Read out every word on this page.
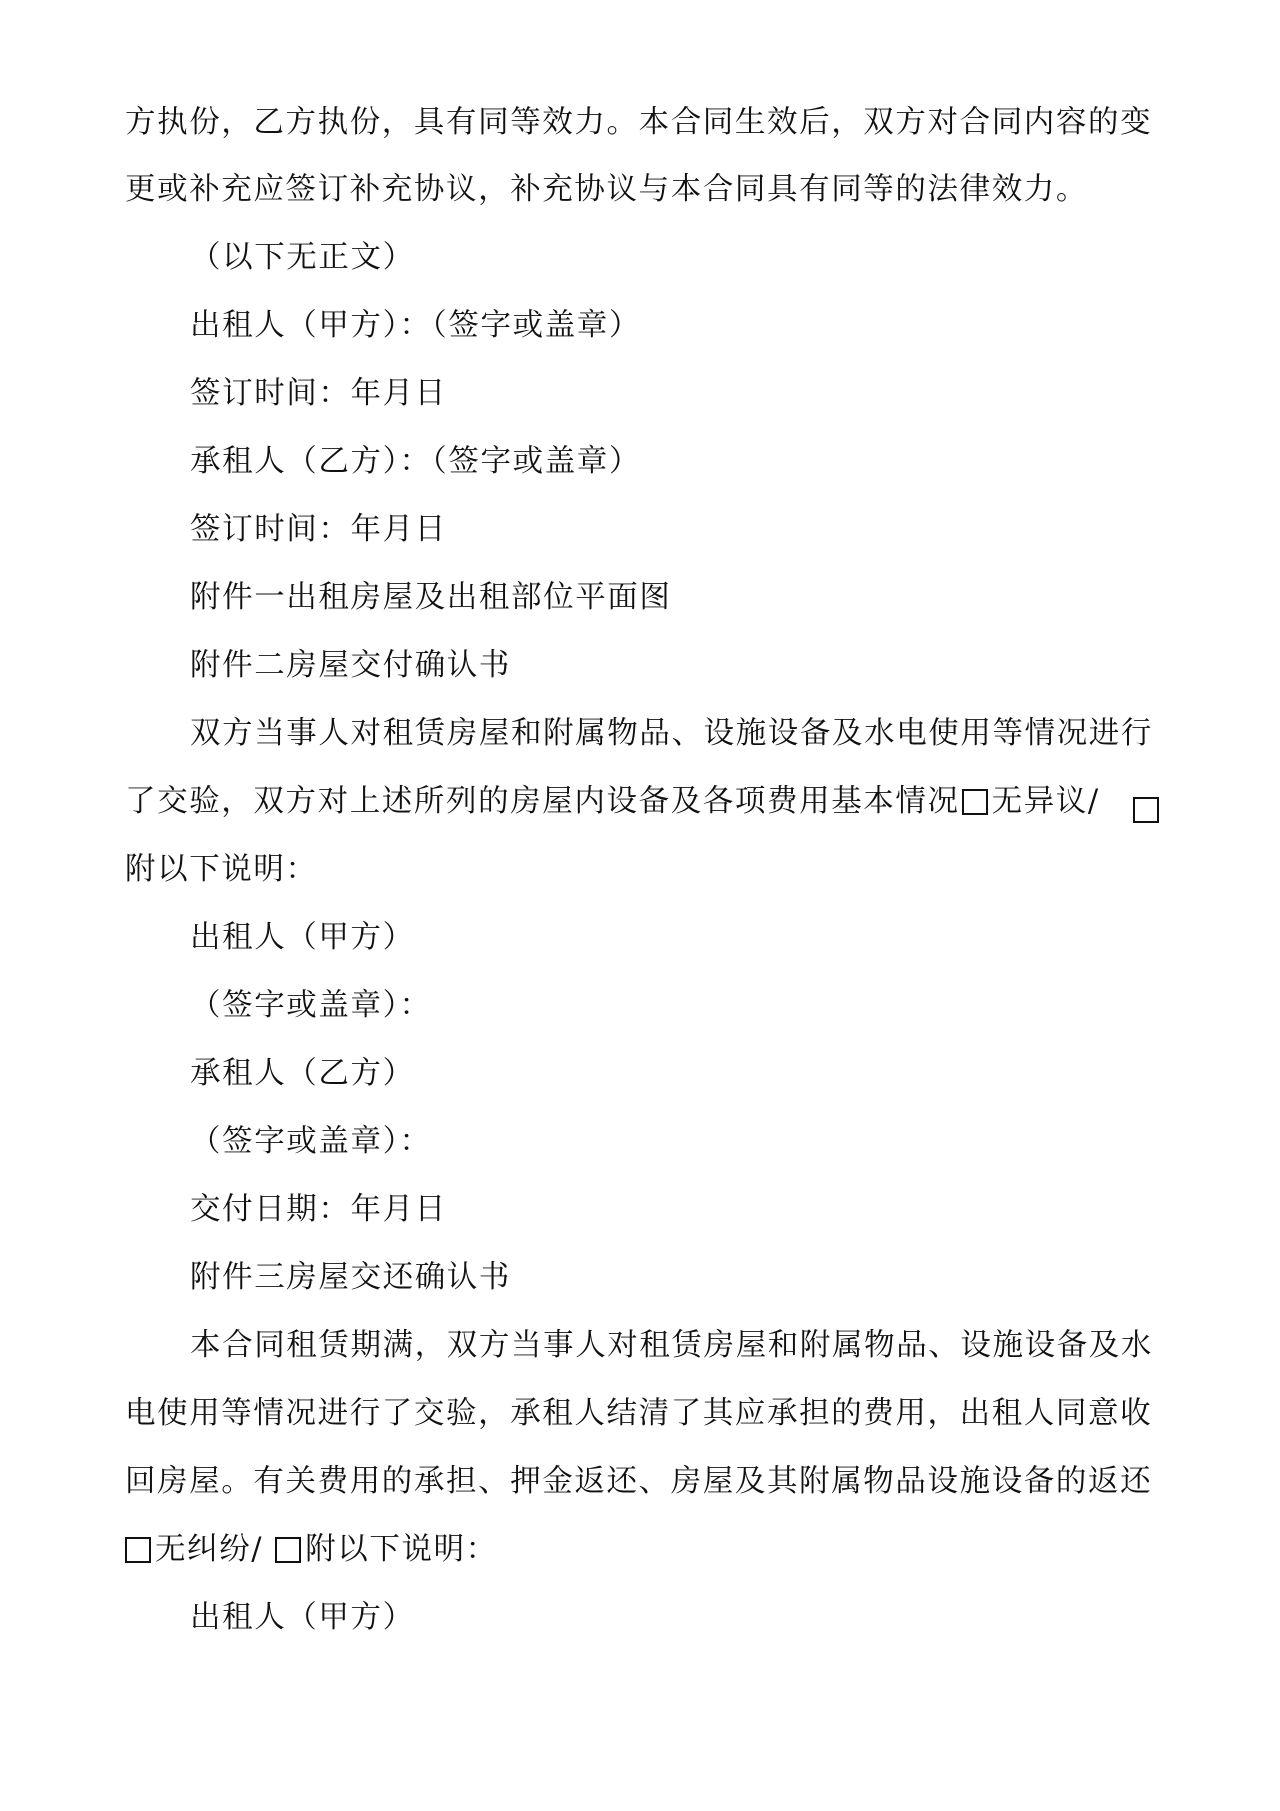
方执份，乙方执份，具有同等效力。本合同生效后，双方对合同内容的变
更或补充应签订补充协议，补充协议与本合同具有同等的法律效力。
（以下无正文）
出租人（甲方）：（签字或盖章）
签订时间：年月日
承租人（乙方）：（签字或盖章）
签订时间：年月日
附件一出租房屋及出租部位平面图
附件二房屋交付确认书
双方当事人对租赁房屋和附属物品、设施设备及水电使用等情况进行
了交验，双方对上述所列的房屋内设备及各项费用基本情况 无异议/
附以下说明：
出租人（甲方）
（签字或盖章）：
承租人（乙方）
（签字或盖章）：
交付日期：年月日
附件三房屋交还确认书
本合同租赁期满，双方当事人对租赁房屋和附属物品、设施设备及水
电使用等情况进行了交验，承租人结清了其应承担的费用，出租人同意收
回房屋。有关费用的承担、押金返还、房屋及其附属物品设施设备的返还
无纠纷/ 附以下说明：
出租人（甲方）
